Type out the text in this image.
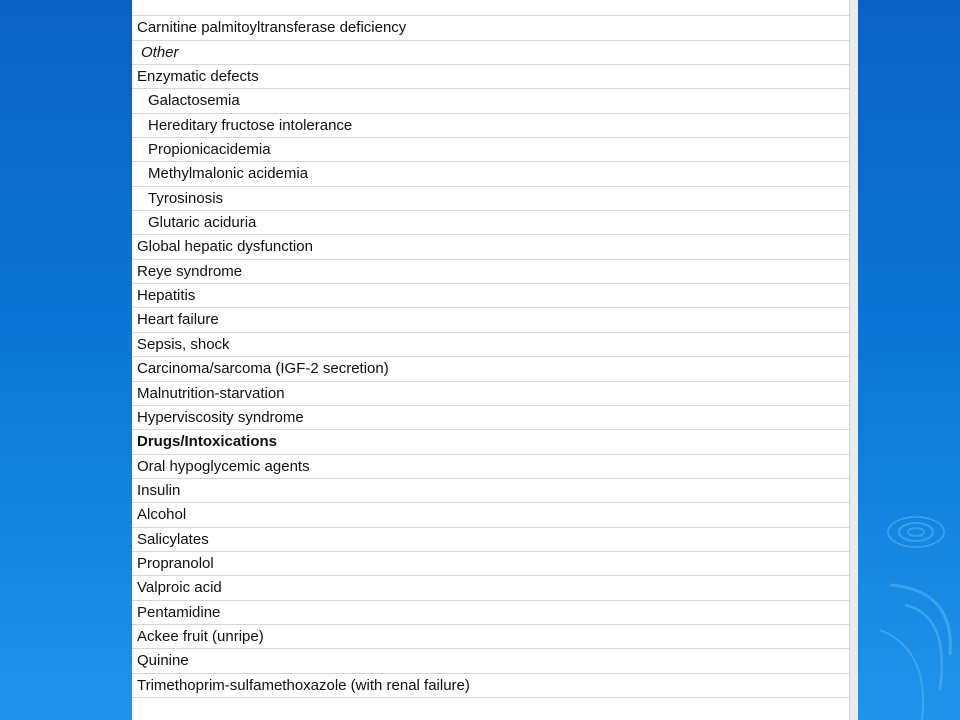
Carnitine palmitoyltransferase deficiency
Other
Enzymatic defects
Galactosemia
Hereditary fructose intolerance
Propionicacidemia
Methylmalonic acidemia
Tyrosinosis
Glutaric aciduria
Global hepatic dysfunction
Reye syndrome
Hepatitis
Heart failure
Sepsis, shock
Carcinoma/sarcoma (IGF-2 secretion)
Malnutrition-starvation
Hyperviscosity syndrome
Drugs/Intoxications
Oral hypoglycemic agents
Insulin
Alcohol
Salicylates
Propranolol
Valproic acid
Pentamidine
Ackee fruit (unripe)
Quinine
Trimethoprim-sulfamethoxazole (with renal failure)
